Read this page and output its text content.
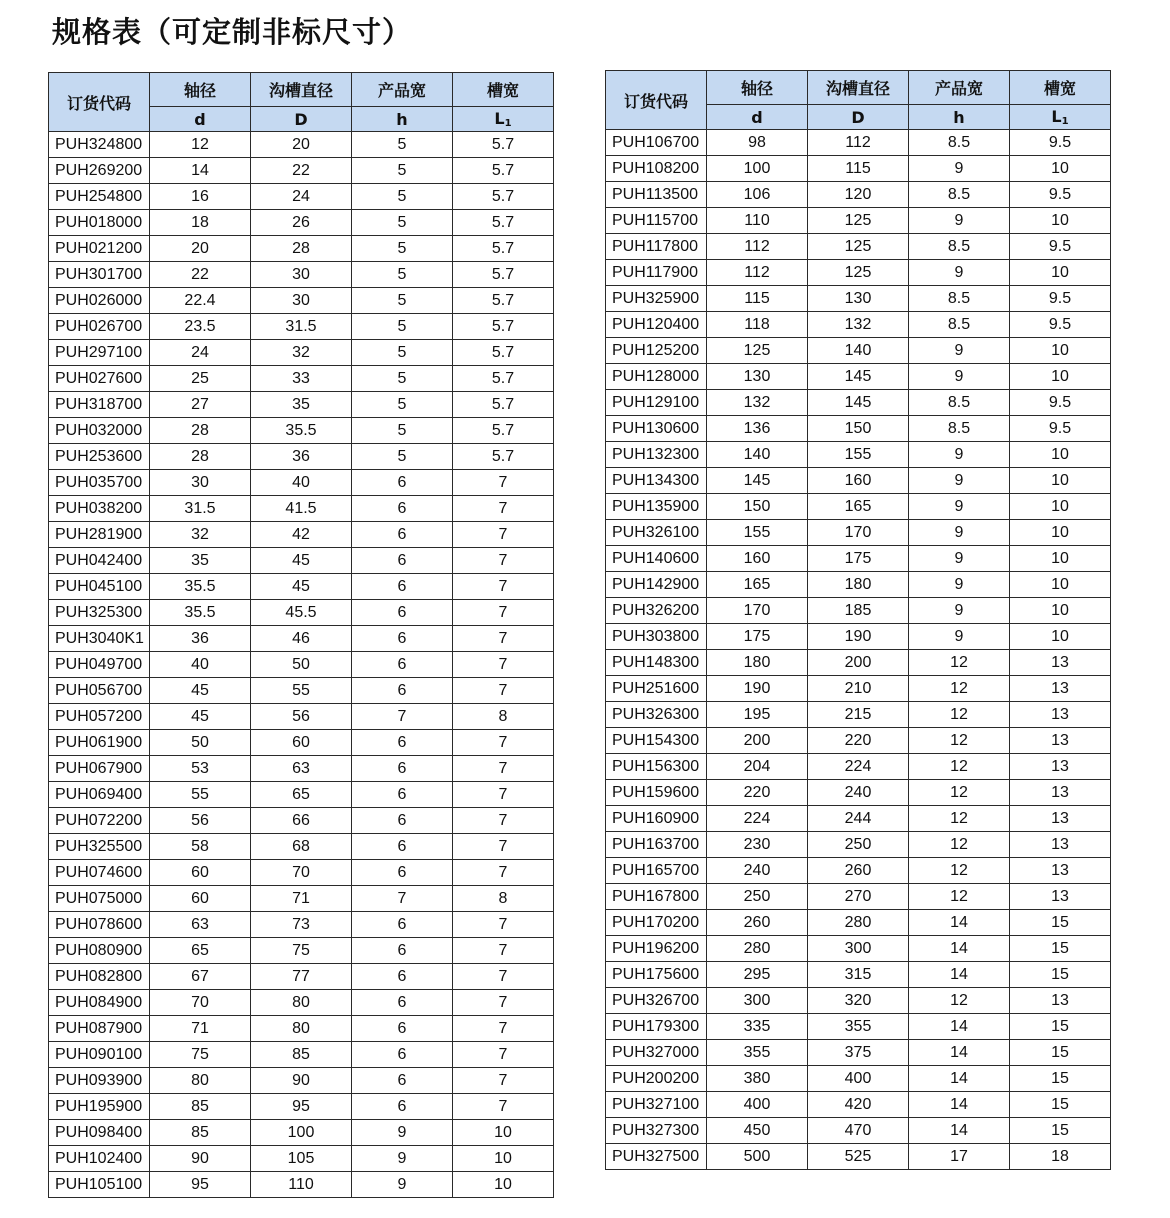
规格表（可定制非标尺寸）
订货代码	轴径	沟槽直径	产品宽	槽宽
	d	D	h	$L_1$
PUH324800	12	20	5	5.7
PUH269200	14	22	5	5.7
PUH254800	16	24	5	5.7
PUH018000	18	26	5	5.7
PUH021200	20	28	5	5.7
PUH301700	22	30	5	5.7
PUH026000	22.4	30	5	5.7
PUH026700	23.5	31.5	5	5.7
PUH297100	24	32	5	5.7
PUH027600	25	33	5	5.7
PUH318700	27	35	5	5.7
PUH032000	28	35.5	5	5.7
PUH253600	28	36	5	5.7
PUH035700	30	40	6	7
PUH038200	31.5	41.5	6	7
PUH281900	32	42	6	7
PUH042400	35	45	6	7
PUH045100	35.5	45	6	7
PUH325300	35.5	45.5	6	7
PUH3040K1	36	46	6	7
PUH049700	40	50	6	7
PUH056700	45	55	6	7
PUH057200	45	56	7	8
PUH061900	50	60	6	7
PUH067900	53	63	6	7
PUH069400	55	65	6	7
PUH072200	56	66	6	7
PUH325500	58	68	6	7
PUH074600	60	70	6	7
PUH075000	60	71	7	8
PUH078600	63	73	6	7
PUH080900	65	75	6	7
PUH082800	67	77	6	7
PUH084900	70	80	6	7
PUH087900	71	80	6	7
PUH090100	75	85	6	7
PUH093900	80	90	6	7
PUH195900	85	95	6	7
PUH098400	85	100	9	10
PUH102400	90	105	9	10
PUH105100	95	110	9	10
订货代码	轴径	沟槽直径	产品宽	槽宽
	d	D	h	$L_1$
PUH106700	98	112	8.5	9.5
PUH108200	100	115	9	10
PUH113500	106	120	8.5	9.5
PUH115700	110	125	9	10
PUH117800	112	125	8.5	9.5
PUH117900	112	125	9	10
PUH325900	115	130	8.5	9.5
PUH120400	118	132	8.5	9.5
PUH125200	125	140	9	10
PUH128000	130	145	9	10
PUH129100	132	145	8.5	9.5
PUH130600	136	150	8.5	9.5
PUH132300	140	155	9	10
PUH134300	145	160	9	10
PUH135900	150	165	9	10
PUH326100	155	170	9	10
PUH140600	160	175	9	10
PUH142900	165	180	9	10
PUH326200	170	185	9	10
PUH303800	175	190	9	10
PUH148300	180	200	12	13
PUH251600	190	210	12	13
PUH326300	195	215	12	13
PUH154300	200	220	12	13
PUH156300	204	224	12	13
PUH159600	220	240	12	13
PUH160900	224	244	12	13
PUH163700	230	250	12	13
PUH165700	240	260	12	13
PUH167800	250	270	12	13
PUH170200	260	280	14	15
PUH196200	280	300	14	15
PUH175600	295	315	14	15
PUH326700	300	320	12	13
PUH179300	335	355	14	15
PUH327000	355	375	14	15
PUH200200	380	400	14	15
PUH327100	400	420	14	15
PUH327300	450	470	14	15
PUH327500	500	525	17	18
